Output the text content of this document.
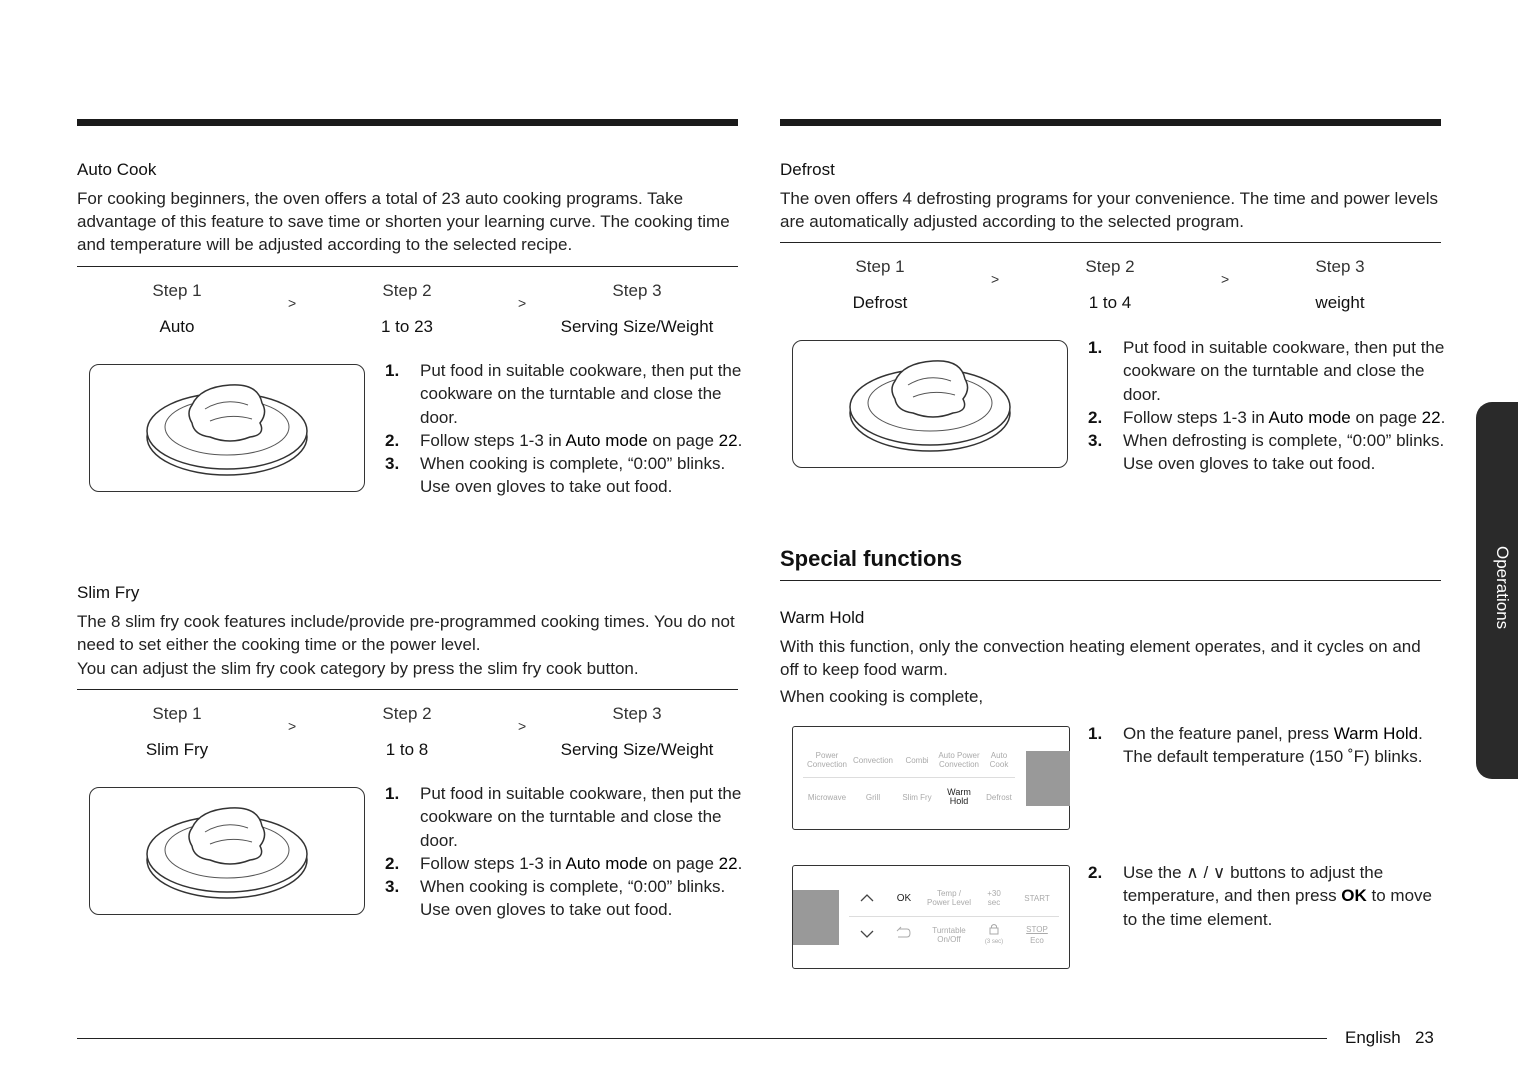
Auto Cook

For cooking beginners, the oven offers a total of 23 auto cooking programs. Take advantage of this feature to save time or shorten your learning curve. The cooking time and temperature will be adjusted according to the selected recipe.

Step 1	Step 2	Step 3
>	>
Auto	1 to 23	Serving Size/Weight
1. Put food in suitable cookware, then put the cookware on the turntable and close the door.
2. Follow steps 1-3 in Auto mode on page 22.
3. When cooking is complete, “0:00” blinks. Use oven gloves to take out food.
Slim Fry

The 8 slim fry cook features include/provide pre-programmed cooking times. You do not need to set either the cooking time or the power level.

You can adjust the slim fry cook category by press the slim fry cook button.

Step 1	Step 2	Step 3
>	>
Slim Fry	1 to 8	Serving Size/Weight
1. Put food in suitable cookware, then put the cookware on the turntable and close the door.
2. Follow steps 1-3 in Auto mode on page 22.
3. When cooking is complete, “0:00” blinks. Use oven gloves to take out food.
Defrost

The oven offers 4 defrosting programs for your convenience. The time and power levels are automatically adjusted according to the selected program.

Step 1	Step 2	Step 3
>	>
Defrost	1 to 4	weight
1. Put food in suitable cookware, then put the cookware on the turntable and close the door.
2. Follow steps 1-3 in Auto mode on page 22.
3. When defrosting is complete, “0:00” blinks. Use oven gloves to take out food.
Special functions
Warm Hold

With this function, only the convection heating element operates, and it cycles on and off to keep food warm.

When cooking is complete,

Power Convection Convection	Combi
Auto Power Convection
Auto Cook
Microwave	Grill	Slim Fry
Warm Hold	Defrost
1. On the feature panel, press Warm Hold. The default temperature (150 ˚F) blinks.
OK	Temp / Power Level
+30 sec	START
Turntable On/Off	(3 sec)
STOP
Eco
2. Use the ∧ / ∨ buttons to adjust the temperature, and then press OK to move to the time element.
Operations
English 23
